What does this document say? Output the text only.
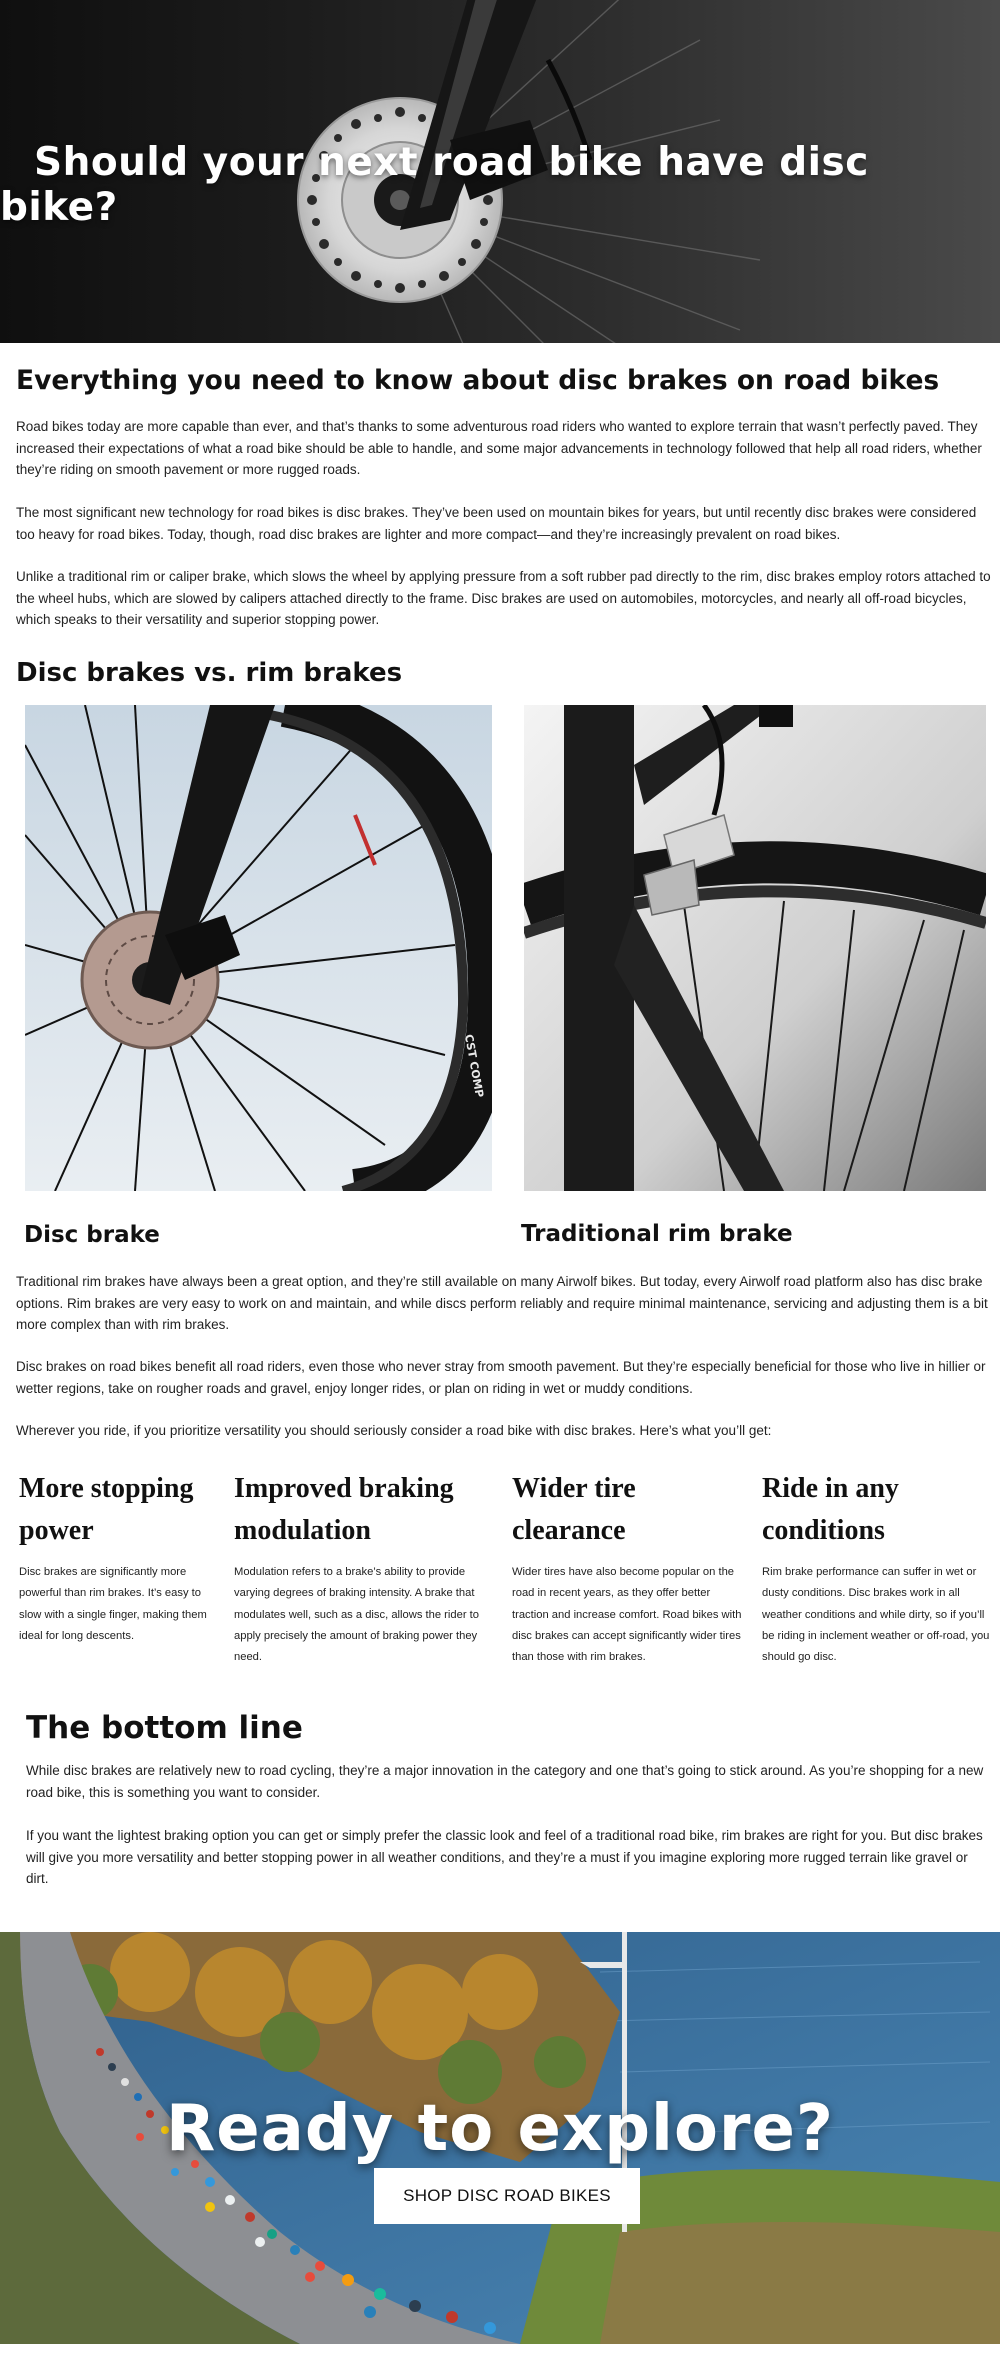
Should your next road bike have disc bike?
Everything you need to know about disc brakes on road bikes

Road bikes today are more capable than ever, and that’s thanks to some adventurous road riders who wanted to explore terrain that wasn’t perfectly paved. They increased their expectations of what a road bike should be able to handle, and some major advancements in technology followed that help all road riders, whether they’re riding on smooth pavement or more rugged roads.

The most significant new technology for road bikes is disc brakes. They’ve been used on mountain bikes for years, but until recently disc brakes were considered too heavy for road bikes. Today, though, road disc brakes are lighter and more compact—and they’re increasingly prevalent on road bikes.

Unlike a traditional rim or caliper brake, which slows the wheel by applying pressure from a soft rubber pad directly to the rim, disc brakes employ rotors attached to the wheel hubs, which are slowed by calipers attached directly to the frame. Disc brakes are used on automobiles, motorcycles, and nearly all off-road bicycles, which speaks to their versatility and superior stopping power.

Disc brakes vs. rim brakes
CST COMP
Disc brake	Traditional rim brake

Traditional rim brakes have always been a great option, and they’re still available on many Airwolf bikes. But today, every Airwolf road platform also has disc brake options. Rim brakes are very easy to work on and maintain, and while discs perform reliably and require minimal maintenance, servicing and adjusting them is a bit more complex than with rim brakes.

Disc brakes on road bikes benefit all road riders, even those who never stray from smooth pavement. But they’re especially beneficial for those who live in hillier or wetter regions, take on rougher roads and gravel, enjoy longer rides, or plan on riding in wet or muddy conditions.

Wherever you ride, if you prioritize versatility you should seriously consider a road bike with disc brakes. Here’s what you’ll get:

More stopping power

Disc brakes are significantly more powerful than rim brakes. It’s easy to slow with a single finger, making them ideal for long descents.

Improved braking modulation

Modulation refers to a brake’s ability to provide varying degrees of braking intensity. A brake that modulates well, such as a disc, allows the rider to apply precisely the amount of braking power they need.

Wider tire clearance

Wider tires have also become popular on the road in recent years, as they offer better traction and increase comfort. Road bikes with disc brakes can accept significantly wider tires than those with rim brakes.

Ride in any conditions

Rim brake performance can suffer in wet or dusty conditions. Disc brakes work in all weather conditions and while dirty, so if you’ll be riding in inclement weather or off-road, you should go disc.

The bottom line

While disc brakes are relatively new to road cycling, they’re a major innovation in the category and one that’s going to stick around. As you’re shopping for a new road bike, this is something you want to consider.

If you want the lightest braking option you can get or simply prefer the classic look and feel of a traditional road bike, rim brakes are right for you. But disc brakes will give you more versatility and better stopping power in all weather conditions, and they’re a must if you imagine exploring more rugged terrain like gravel or dirt.

Ready to explore?
SHOP DISC ROAD BIKES
